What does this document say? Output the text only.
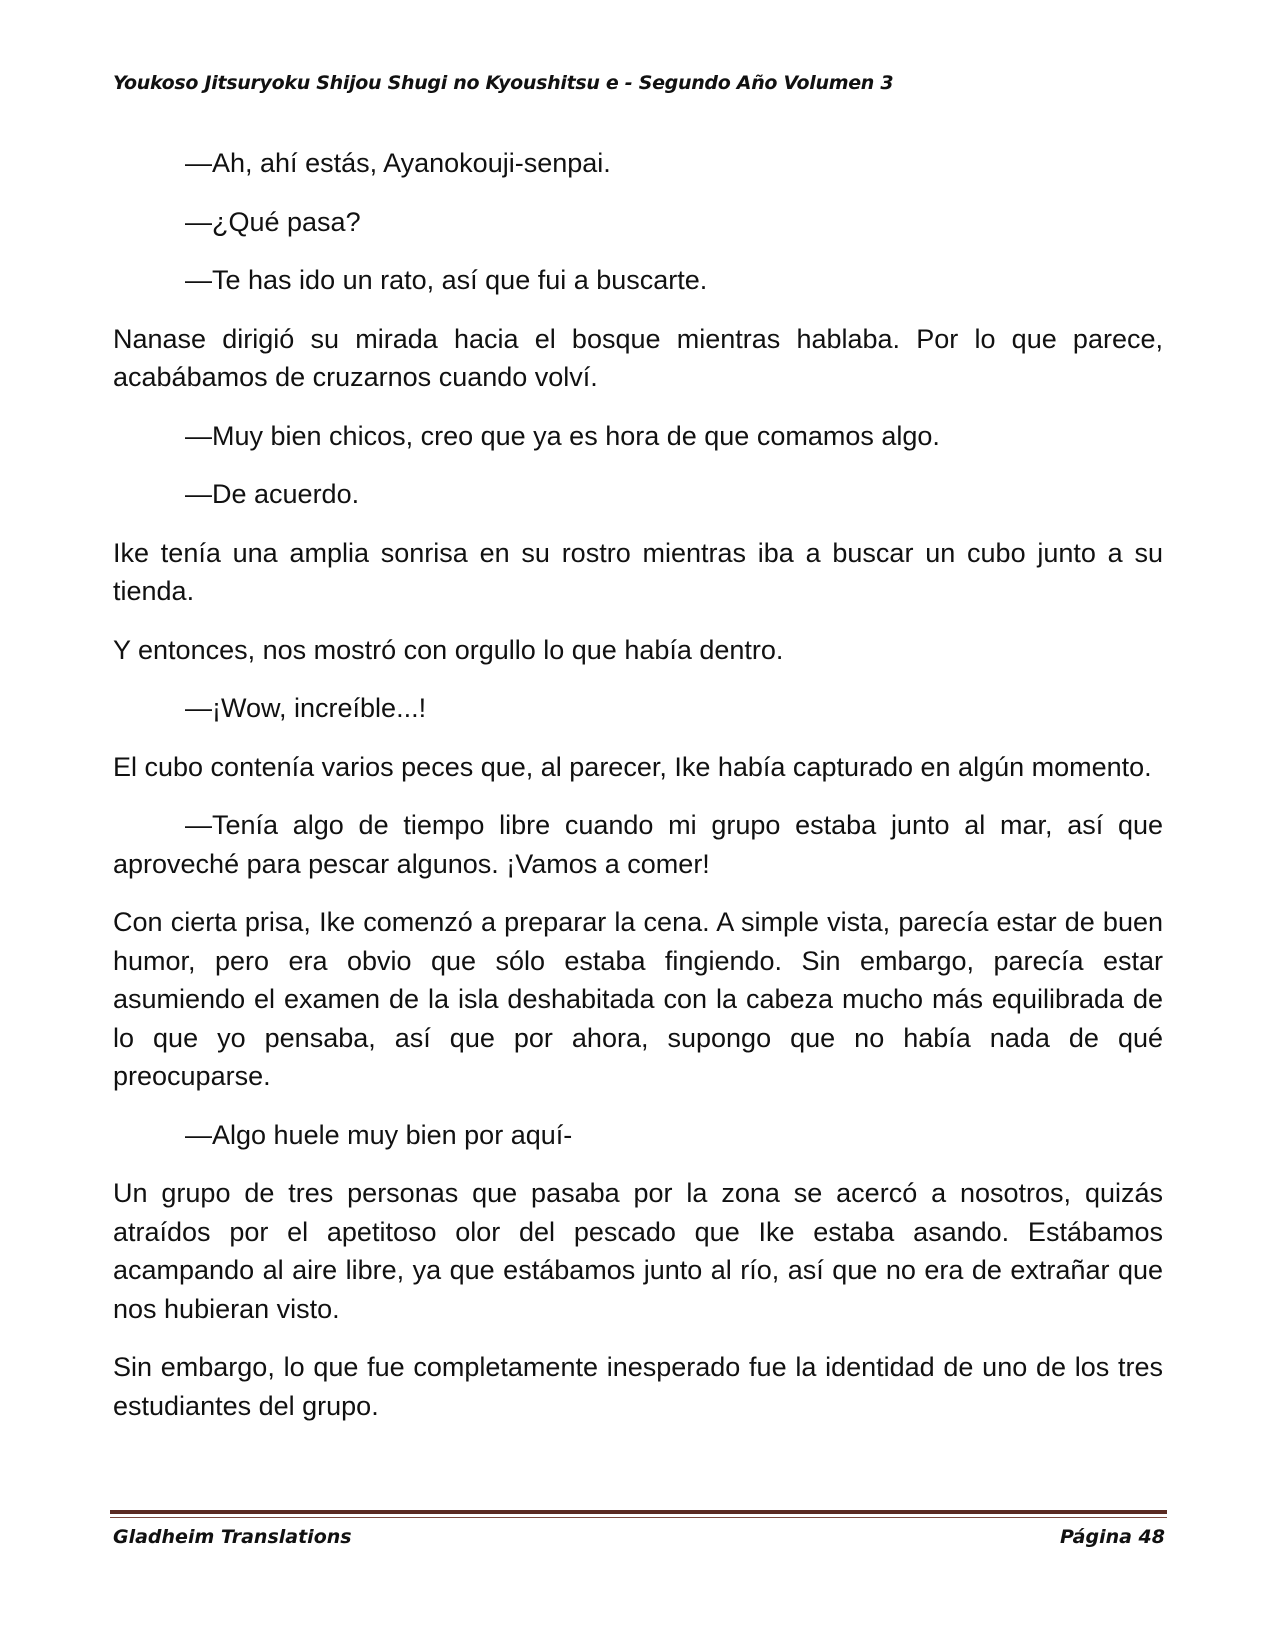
Youkoso Jitsuryoku Shijou Shugi no Kyoushitsu e - Segundo Año Volumen 3

—Ah, ahí estás, Ayanokouji-senpai.

—¿Qué pasa?

—Te has ido un rato, así que fui a buscarte.

Nanase dirigió su mirada hacia el bosque mientras hablaba. Por lo que parece, acabábamos de cruzarnos cuando volví.

—Muy bien chicos, creo que ya es hora de que comamos algo.

—De acuerdo.

Ike tenía una amplia sonrisa en su rostro mientras iba a buscar un cubo junto a su tienda.

Y entonces, nos mostró con orgullo lo que había dentro.

—¡Wow, increíble...!

El cubo contenía varios peces que, al parecer, Ike había capturado en algún momento.

—Tenía algo de tiempo libre cuando mi grupo estaba junto al mar, así que aproveché para pescar algunos. ¡Vamos a comer!

Con cierta prisa, Ike comenzó a preparar la cena. A simple vista, parecía estar de buen humor, pero era obvio que sólo estaba fingiendo. Sin embargo, parecía estar asumiendo el examen de la isla deshabitada con la cabeza mucho más equilibrada de lo que yo pensaba, así que por ahora, supongo que no había nada de qué preocuparse.

—Algo huele muy bien por aquí-

Un grupo de tres personas que pasaba por la zona se acercó a nosotros, quizás atraídos por el apetitoso olor del pescado que Ike estaba asando. Estábamos acampando al aire libre, ya que estábamos junto al río, así que no era de extrañar que nos hubieran visto.

Sin embargo, lo que fue completamente inesperado fue la identidad de uno de los tres estudiantes del grupo.

Gladheim Translations	Página 48
